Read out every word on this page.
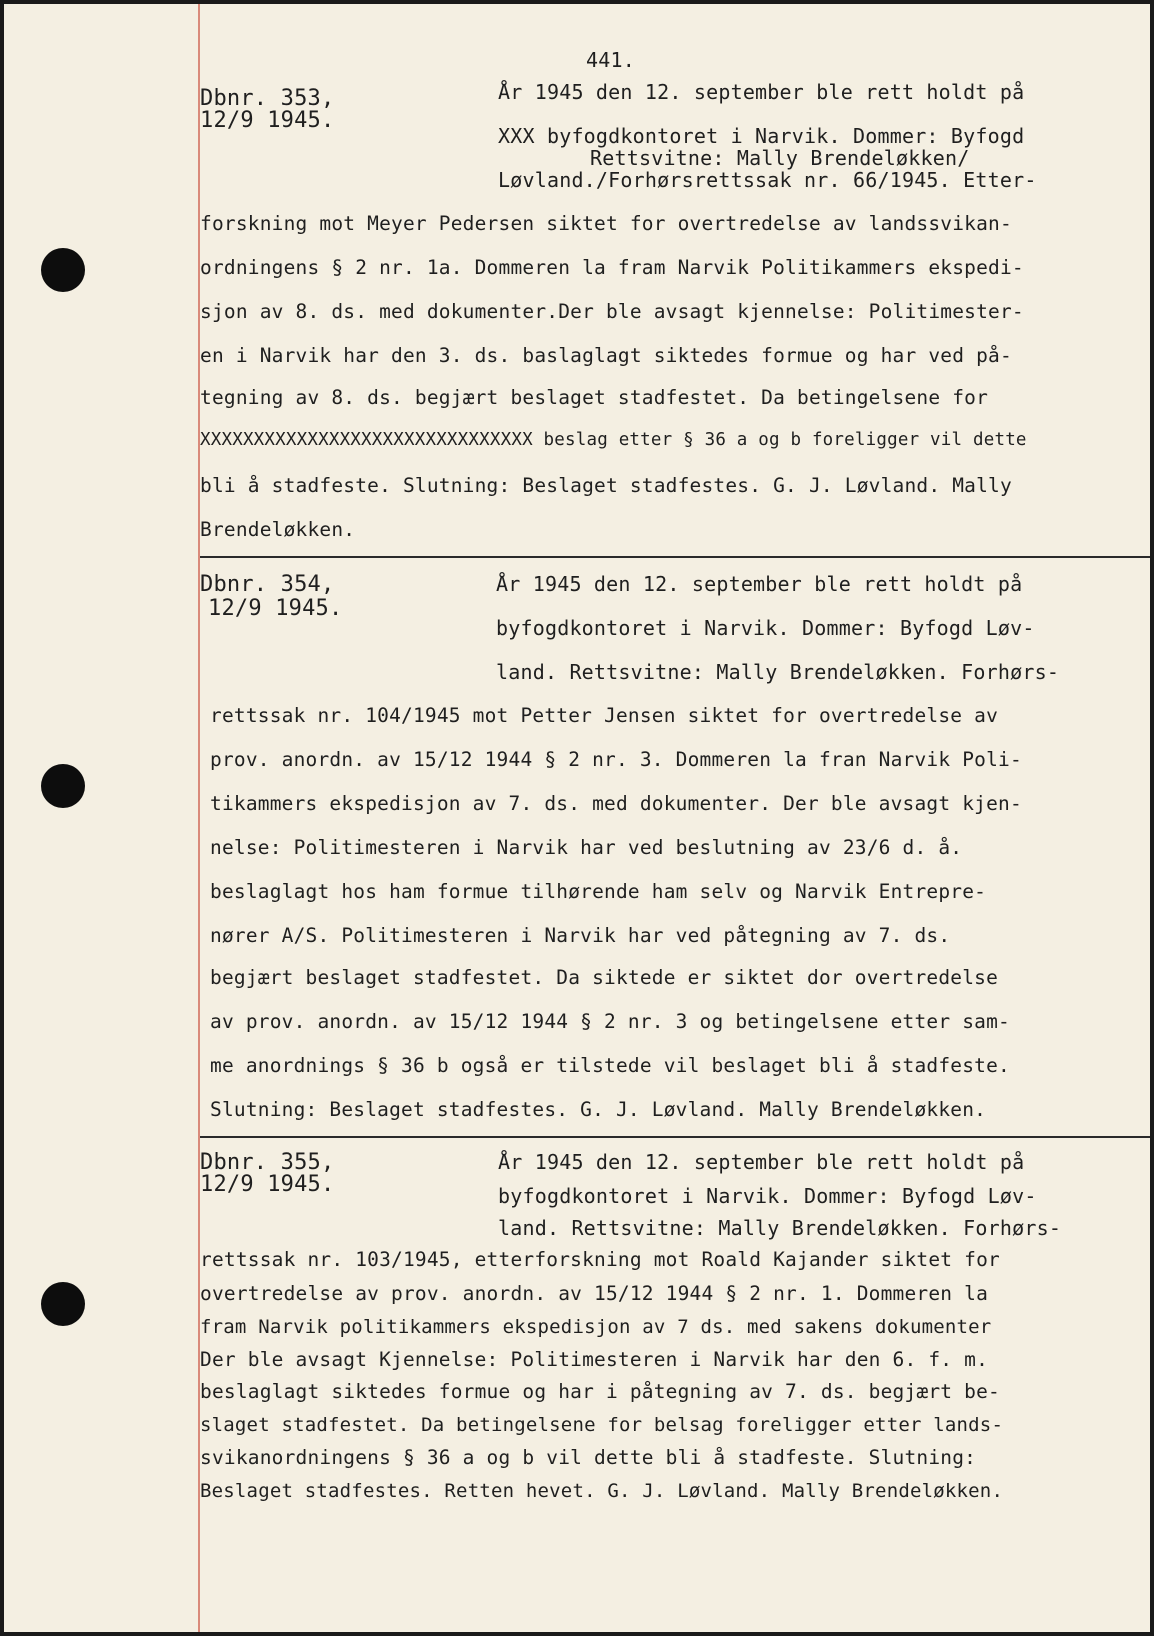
441.
Dbnr. 353,
12/9 1945.
År 1945 den 12. september ble rett holdt på
XXX byfogdkontoret i Narvik. Dommer: Byfogd
Rettsvitne: Mally Brendeløkken/
Løvland./Forhørsrettssak nr. 66/1945. Etter-
forskning mot Meyer Pedersen siktet for overtredelse av landssvikan-
ordningens § 2 nr. 1a. Dommeren la fram Narvik Politikammers ekspedi-
sjon av 8. ds. med dokumenter.Der ble avsagt kjennelse: Politimester-
en i Narvik har den 3. ds. baslaglagt siktedes formue og har ved på-
tegning av 8. ds. begjært beslaget stadfestet. Da betingelsene for
XXXXXXXXXXXXXXXXXXXXXXXXXXXXXXX beslag etter § 36 a og b foreligger vil dette
bli å stadfeste. Slutning: Beslaget stadfestes. G. J. Løvland. Mally
Brendeløkken.
Dbnr. 354,
12/9 1945.
År 1945 den 12. september ble rett holdt på
byfogdkontoret i Narvik. Dommer: Byfogd Løv-
land. Rettsvitne: Mally Brendeløkken. Forhørs-
rettssak nr. 104/1945 mot Petter Jensen siktet for overtredelse av
prov. anordn. av 15/12 1944 § 2 nr. 3. Dommeren la fran Narvik Poli-
tikammers ekspedisjon av 7. ds. med dokumenter. Der ble avsagt kjen-
nelse: Politimesteren i Narvik har ved beslutning av 23/6 d. å.
beslaglagt hos ham formue tilhørende ham selv og Narvik Entrepre-
nører A/S. Politimesteren i Narvik har ved påtegning av 7. ds.
begjært beslaget stadfestet. Da siktede er siktet dor overtredelse
av prov. anordn. av 15/12 1944 § 2 nr. 3 og betingelsene etter sam-
me anordnings § 36 b også er tilstede vil beslaget bli å stadfeste.
Slutning: Beslaget stadfestes. G. J. Løvland. Mally Brendeløkken.
Dbnr. 355,
12/9 1945.
År 1945 den 12. september ble rett holdt på
byfogdkontoret i Narvik. Dommer: Byfogd Løv-
land. Rettsvitne: Mally Brendeløkken. Forhørs-
rettssak nr. 103/1945, etterforskning mot Roald Kajander siktet for
overtredelse av prov. anordn. av 15/12 1944 § 2 nr. 1. Dommeren la
fram Narvik politikammers ekspedisjon av 7 ds. med sakens dokumenter
Der ble avsagt Kjennelse: Politimesteren i Narvik har den 6. f. m.
beslaglagt siktedes formue og har i påtegning av 7. ds. begjært be-
slaget stadfestet. Da betingelsene for belsag foreligger etter lands-
svikanordningens § 36 a og b vil dette bli å stadfeste. Slutning:
Beslaget stadfestes. Retten hevet. G. J. Løvland. Mally Brendeløkken.
